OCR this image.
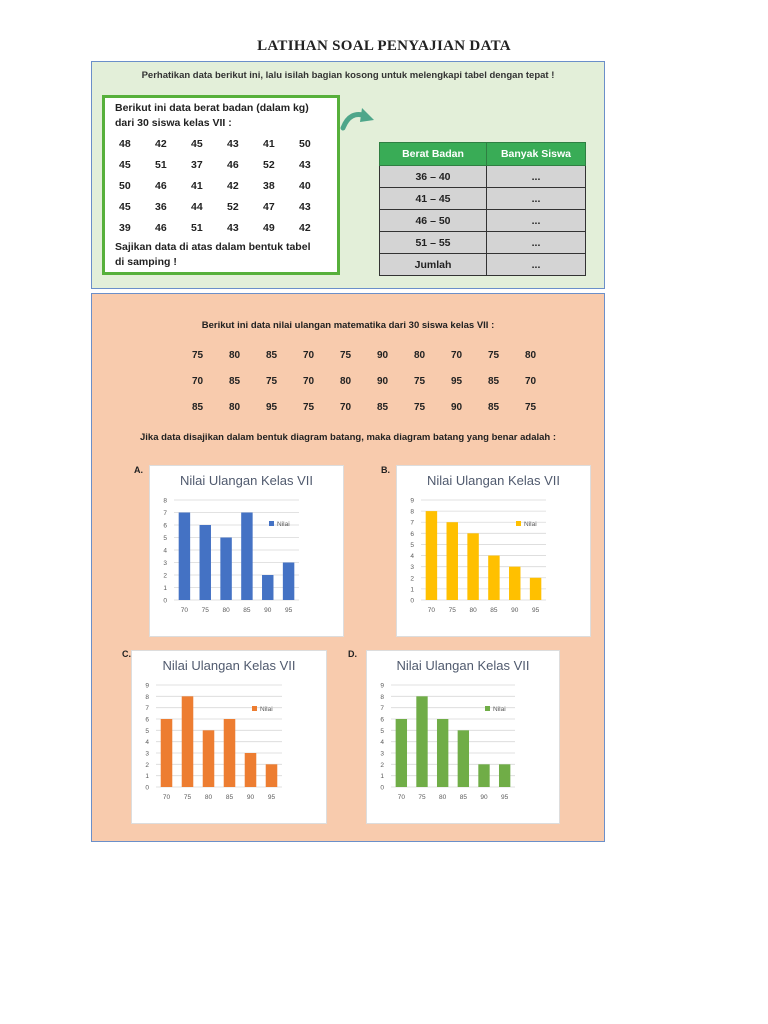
LATIHAN SOAL PENYAJIAN DATA
Perhatikan data berikut ini, lalu isilah bagian kosong untuk melengkapi tabel dengan tepat !
Berikut ini data berat badan (dalam kg)
dari 30 siswa kelas VII :
48	42	45	43	41	50
45	51	37	46	52	43
50	46	41	42	38	40
45	36	44	52	47	43
39	46	51	43	49	42
Sajikan data di atas dalam bentuk tabel
di samping !
Berat Badan	Banyak Siswa
36 – 40	...
41 – 45	...
46 – 50	...
51 – 55	...
Jumlah	...
Berikut ini data nilai ulangan matematika dari 30 siswa kelas VII :
75	80	85	70	75	90	80	70	75	80
70	85	75	70	80	90	75	95	85	70
85	80	95	75	70	85	75	90	85	75
Jika data disajikan dalam bentuk diagram batang, maka diagram batang yang benar adalah :
A.
Nilai Ulangan Kelas VII
0
1
2
3
4
5
6
7
8
70 75 80 85 90 95
Nilai
B.
Nilai Ulangan Kelas VII
0
1
2
3
4
5
6
7
8
9
70 75 80 85 90 95
Nilai
C.
Nilai Ulangan Kelas VII
0
1
2
3
4
5
6
7
8
9
70 75 80 85 90 95
Nilai
D.
Nilai Ulangan Kelas VII
0
1
2
3
4
5
6
7
8
9
70 75 80 85 90 95
Nilai
